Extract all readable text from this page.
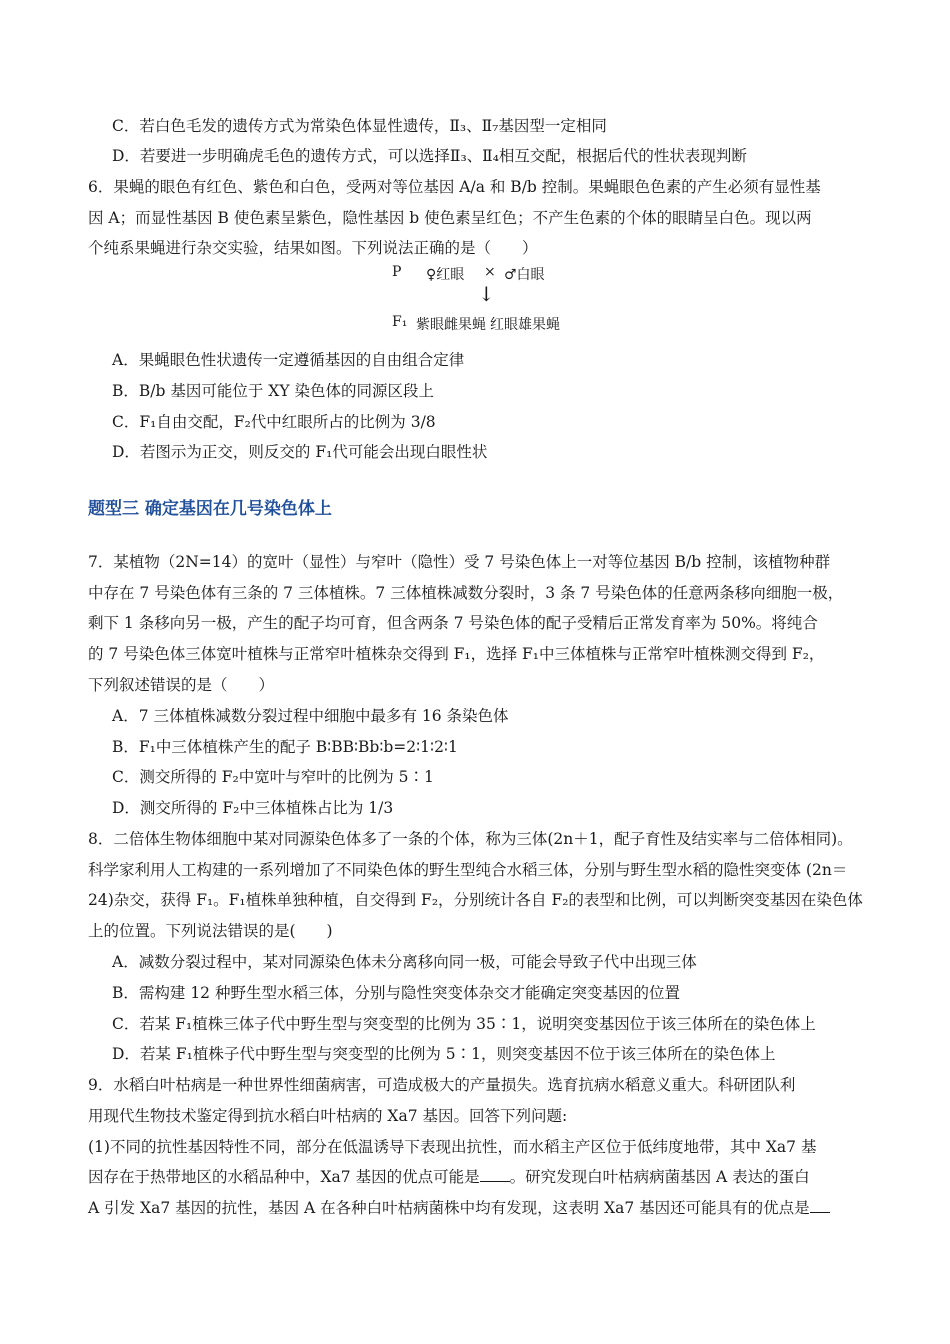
C．若白色毛发的遗传方式为常染色体显性遗传，Ⅱ₃、Ⅱ₇基因型一定相同
D．若要进一步明确虎毛色的遗传方式，可以选择Ⅱ₃、Ⅱ₄相互交配，根据后代的性状表现判断
6．果蝇的眼色有红色、紫色和白色，受两对等位基因 A/a 和 B/b 控制。果蝇眼色色素的产生必须有显性基
因 A；而显性基因 B 使色素呈紫色，隐性基因 b 使色素呈红色；不产生色素的个体的眼睛呈白色。现以两
个纯系果蝇进行杂交实验，结果如图。下列说法正确的是（　　）
P ♀红眼 × ♂白眼
↓
F₁ 紫眼雌果蝇 红眼雄果蝇
A．果蝇眼色性状遗传一定遵循基因的自由组合定律
B．B/b 基因可能位于 XY 染色体的同源区段上
C．F₁自由交配，F₂代中红眼所占的比例为 3/8
D．若图示为正交，则反交的 F₁代可能会出现白眼性状
题型三 确定基因在几号染色体上
7．某植物（2N=14）的宽叶（显性）与窄叶（隐性）受 7 号染色体上一对等位基因 B/b 控制，该植物种群
中存在 7 号染色体有三条的 7 三体植株。7 三体植株减数分裂时，3 条 7 号染色体的任意两条移向细胞一极，
剩下 1 条移向另一极，产生的配子均可育，但含两条 7 号染色体的配子受精后正常发育率为 50%。将纯合
的 7 号染色体三体宽叶植株与正常窄叶植株杂交得到 F₁，选择 F₁中三体植株与正常窄叶植株测交得到 F₂，
下列叙述错误的是（　　）
A．7 三体植株减数分裂过程中细胞中最多有 16 条染色体
B．F₁中三体植株产生的配子 B∶BB∶Bb∶b=2∶1∶2∶1
C．测交所得的 F₂中宽叶与窄叶的比例为 5∶1
D．测交所得的 F₂中三体植株占比为 1/3
8．二倍体生物体细胞中某对同源染色体多了一条的个体，称为三体(2n＋1，配子育性及结实率与二倍体相同)。
科学家利用人工构建的一系列增加了不同染色体的野生型纯合水稻三体，分别与野生型水稻的隐性突变体 (2n＝
24)杂交，获得 F₁。F₁植株单独种植，自交得到 F₂，分别统计各自 F₂的表型和比例，可以判断突变基因在染色体
上的位置。下列说法错误的是(　　)
A．减数分裂过程中，某对同源染色体未分离移向同一极，可能会导致子代中出现三体
B．需构建 12 种野生型水稻三体，分别与隐性突变体杂交才能确定突变基因的位置
C．若某 F₁植株三体子代中野生型与突变型的比例为 35∶1，说明突变基因位于该三体所在的染色体上
D．若某 F₁植株子代中野生型与突变型的比例为 5∶1，则突变基因不位于该三体所在的染色体上
9．水稻白叶枯病是一种世界性细菌病害，可造成极大的产量损失。选育抗病水稻意义重大。科研团队利
用现代生物技术鉴定得到抗水稻白叶枯病的 Xa7 基因。回答下列问题:
(1)不同的抗性基因特性不同，部分在低温诱导下表现出抗性，而水稻主产区位于低纬度地带，其中 Xa7 基
因存在于热带地区的水稻品种中，Xa7 基因的优点可能是 。研究发现白叶枯病病菌基因 A 表达的蛋白
A 引发 Xa7 基因的抗性，基因 A 在各种白叶枯病菌株中均有发现，这表明 Xa7 基因还可能具有的优点是
